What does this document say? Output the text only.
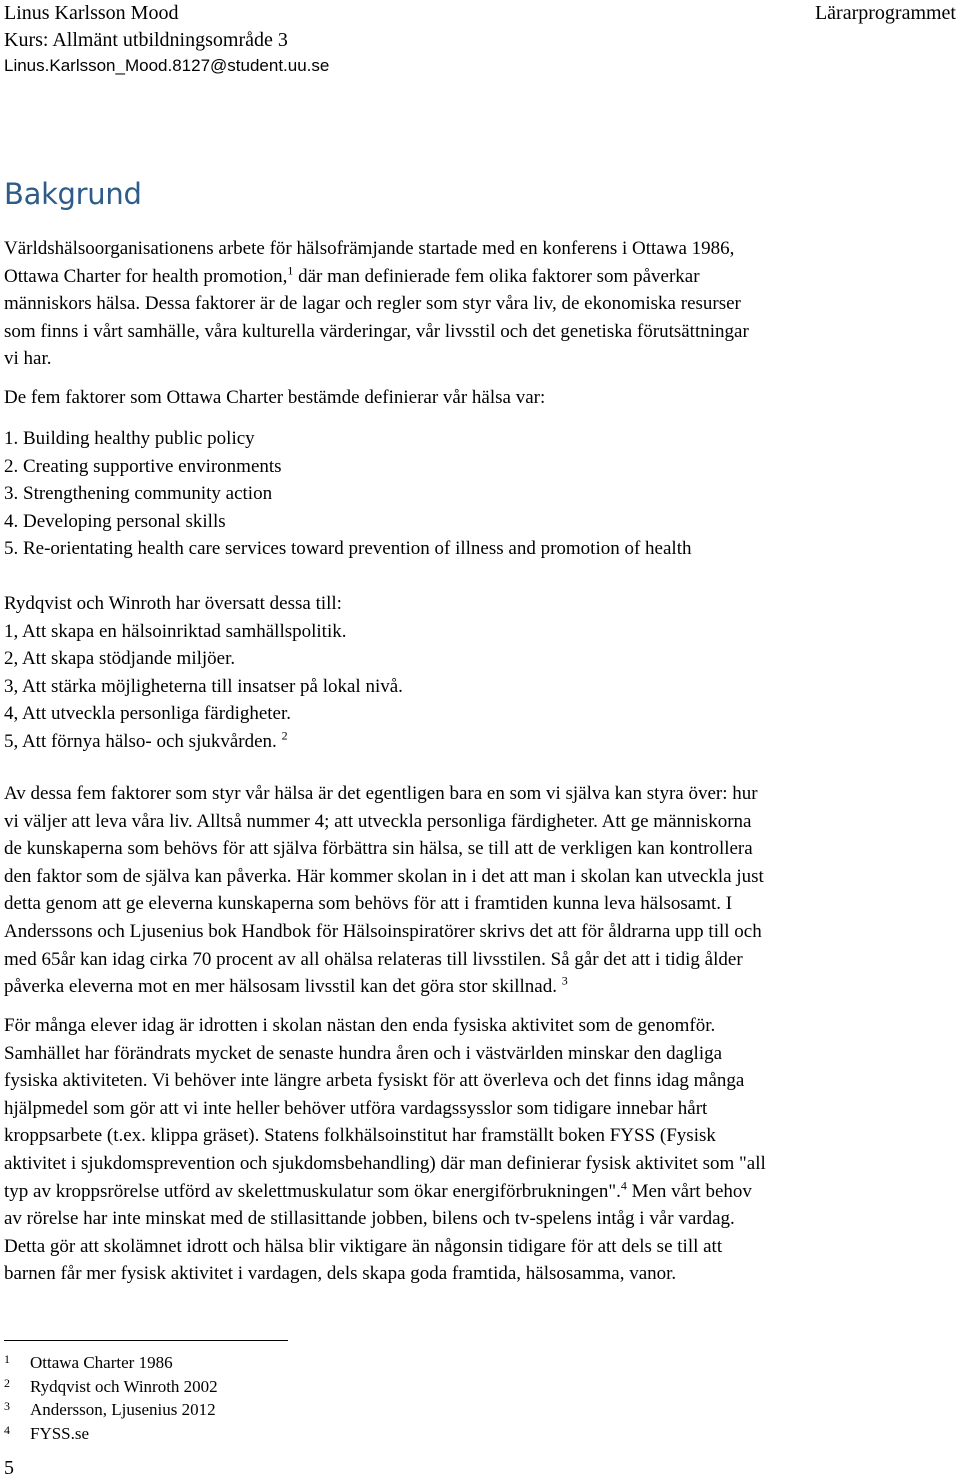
Linus Karlsson Mood
Kurs: Allmänt utbildningsområde 3
Linus.Karlsson_Mood.8127@student.uu.se
Lärarprogrammet
Bakgrund
Världshälsoorganisationens arbete för hälsofrämjande startade med en konferens i Ottawa 1986,
Ottawa Charter for health promotion,$^1$ där man definierade fem olika faktorer som påverkar
människors hälsa. Dessa faktorer är de lagar och regler som styr våra liv, de ekonomiska resurser
som finns i vårt samhälle, våra kulturella värderingar, vår livsstil och det genetiska förutsättningar
vi har.
De fem faktorer som Ottawa Charter bestämde definierar vår hälsa var:
1. Building healthy public policy
2. Creating supportive environments
3. Strengthening community action
4. Developing personal skills
5. Re-orientating health care services toward prevention of illness and promotion of health
Rydqvist och Winroth har översatt dessa till:
1, Att skapa en hälsoinriktad samhällspolitik.
2, Att skapa stödjande miljöer.
3, Att stärka möjligheterna till insatser på lokal nivå.
4, Att utveckla personliga färdigheter.
5, Att förnya hälso- och sjukvården. $^2$
Av dessa fem faktorer som styr vår hälsa är det egentligen bara en som vi själva kan styra över: hur
vi väljer att leva våra liv. Alltså nummer 4; att utveckla personliga färdigheter. Att ge människorna
de kunskaperna som behövs för att själva förbättra sin hälsa, se till att de verkligen kan kontrollera
den faktor som de själva kan påverka. Här kommer skolan in i det att man i skolan kan utveckla just
detta genom att ge eleverna kunskaperna som behövs för att i framtiden kunna leva hälsosamt. I
Anderssons och Ljusenius bok Handbok för Hälsoinspiratörer skrivs det att för åldrarna upp till och
med 65år kan idag cirka 70 procent av all ohälsa relateras till livsstilen. Så går det att i tidig ålder
påverka eleverna mot en mer hälsosam livsstil kan det göra stor skillnad. $^3$
För många elever idag är idrotten i skolan nästan den enda fysiska aktivitet som de genomför.
Samhället har förändrats mycket de senaste hundra åren och i västvärlden minskar den dagliga
fysiska aktiviteten. Vi behöver inte längre arbeta fysiskt för att överleva och det finns idag många
hjälpmedel som gör att vi inte heller behöver utföra vardagssysslor som tidigare innebar hårt
kroppsarbete (t.ex. klippa gräset). Statens folkhälsoinstitut har framställt boken FYSS (Fysisk
aktivitet i sjukdomsprevention och sjukdomsbehandling) där man definierar fysisk aktivitet som "all
typ av kroppsrörelse utförd av skelettmuskulatur som ökar energiförbrukningen".$^4$ Men vårt behov
av rörelse har inte minskat med de stillasittande jobben, bilens och tv-spelens intåg i vår vardag.
Detta gör att skolämnet idrott och hälsa blir viktigare än någonsin tidigare för att dels se till att
barnen får mer fysisk aktivitet i vardagen, dels skapa goda framtida, hälsosamma, vanor.
1 Ottawa Charter 1986
2 Rydqvist och Winroth 2002
3 Andersson, Ljusenius 2012
4 FYSS.se
5
